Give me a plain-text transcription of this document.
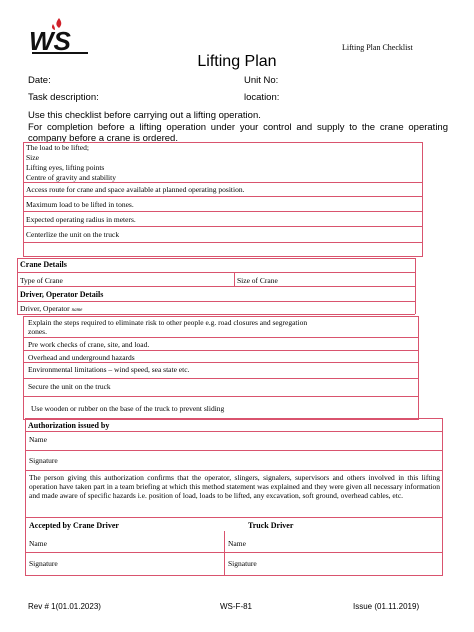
WS	Lifting Plan Checklist
Lifting Plan
Date:	Unit No:
Task description:	location:
Use this checklist before carrying out a lifting operation.
For completion before a lifting operation under your control and supply to the crane operating company before a crane is ordered.
The load to be lifted;
Size
Lifting eyes, lifting points
Centre of gravity and stability
Access route for crane and space available at planned operating position.
Maximum load to be lifted in tones.
Expected operating radius in meters.
Centerlize the unit on the truck
Crane Details
Type of Crane	Size of Crane
Driver, Operator Details
Driver, Operator name
Explain the steps required to eliminate risk to other people e.g. road closures and segregation zones.
Pre work checks of crane, site, and load.
Overhead and underground hazards
Environmental limitations – wind speed, sea state etc.
Secure the unit on the truck
Use wooden or rubber on the base of the truck to prevent sliding
Authorization issued by
Name
Signature
The person giving this authorization confirms that the operator, slingers, signalers, supervisors and others involved in this lifting operation have taken part in a team briefing at which this method statement was explained and they were given all necessary information and made aware of specific hazards i.e. position of load, loads to be lifted, any excavation, soft ground, overhead cables, etc.
Accepted by Crane Driver	Truck Driver
Name	Name
Signature	Signature
Rev # 1(01.01.2023)	WS-F-81	Issue (01.11.2019)
